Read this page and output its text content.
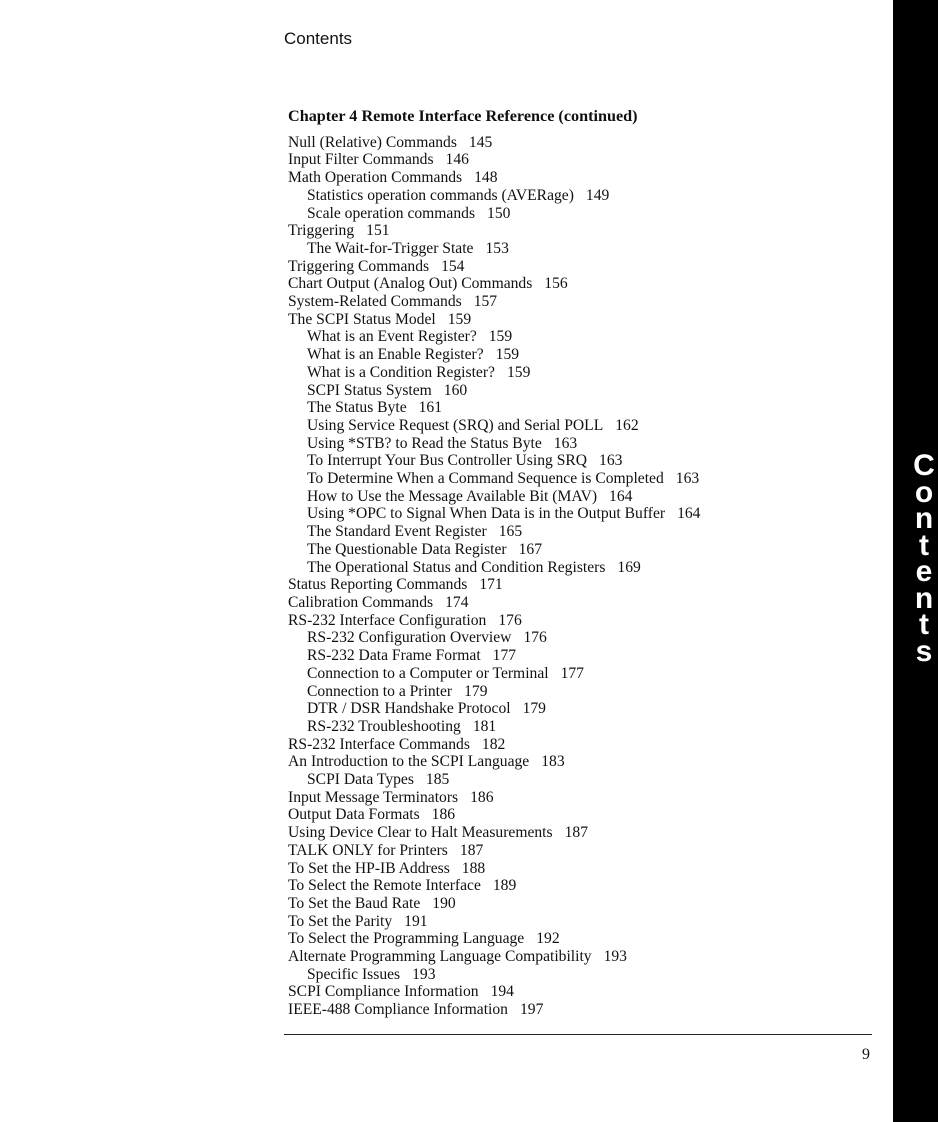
Contents
Chapter 4 Remote Interface Reference (continued)
Null (Relative) Commands 145
Input Filter Commands 146
Math Operation Commands 148
Statistics operation commands (AVERage) 149
Scale operation commands 150
Triggering 151
The Wait-for-Trigger State 153
Triggering Commands 154
Chart Output (Analog Out) Commands 156
System-Related Commands 157
The SCPI Status Model 159
What is an Event Register? 159
What is an Enable Register? 159
What is a Condition Register? 159
SCPI Status System 160
The Status Byte 161
Using Service Request (SRQ) and Serial POLL 162
Using *STB? to Read the Status Byte 163
To Interrupt Your Bus Controller Using SRQ 163
To Determine When a Command Sequence is Completed 163
How to Use the Message Available Bit (MAV) 164
Using *OPC to Signal When Data is in the Output Buffer 164
The Standard Event Register 165
The Questionable Data Register 167
The Operational Status and Condition Registers 169
Status Reporting Commands 171
Calibration Commands 174
RS-232 Interface Configuration 176
RS-232 Configuration Overview 176
RS-232 Data Frame Format 177
Connection to a Computer or Terminal 177
Connection to a Printer 179
DTR / DSR Handshake Protocol 179
RS-232 Troubleshooting 181
RS-232 Interface Commands 182
An Introduction to the SCPI Language 183
SCPI Data Types 185
Input Message Terminators 186
Output Data Formats 186
Using Device Clear to Halt Measurements 187
TALK ONLY for Printers 187
To Set the HP-IB Address 188
To Select the Remote Interface 189
To Set the Baud Rate 190
To Set the Parity 191
To Select the Programming Language 192
Alternate Programming Language Compatibility 193
Specific Issues 193
SCPI Compliance Information 194
IEEE-488 Compliance Information 197
9
C
o
n
t
e
n
t
s
